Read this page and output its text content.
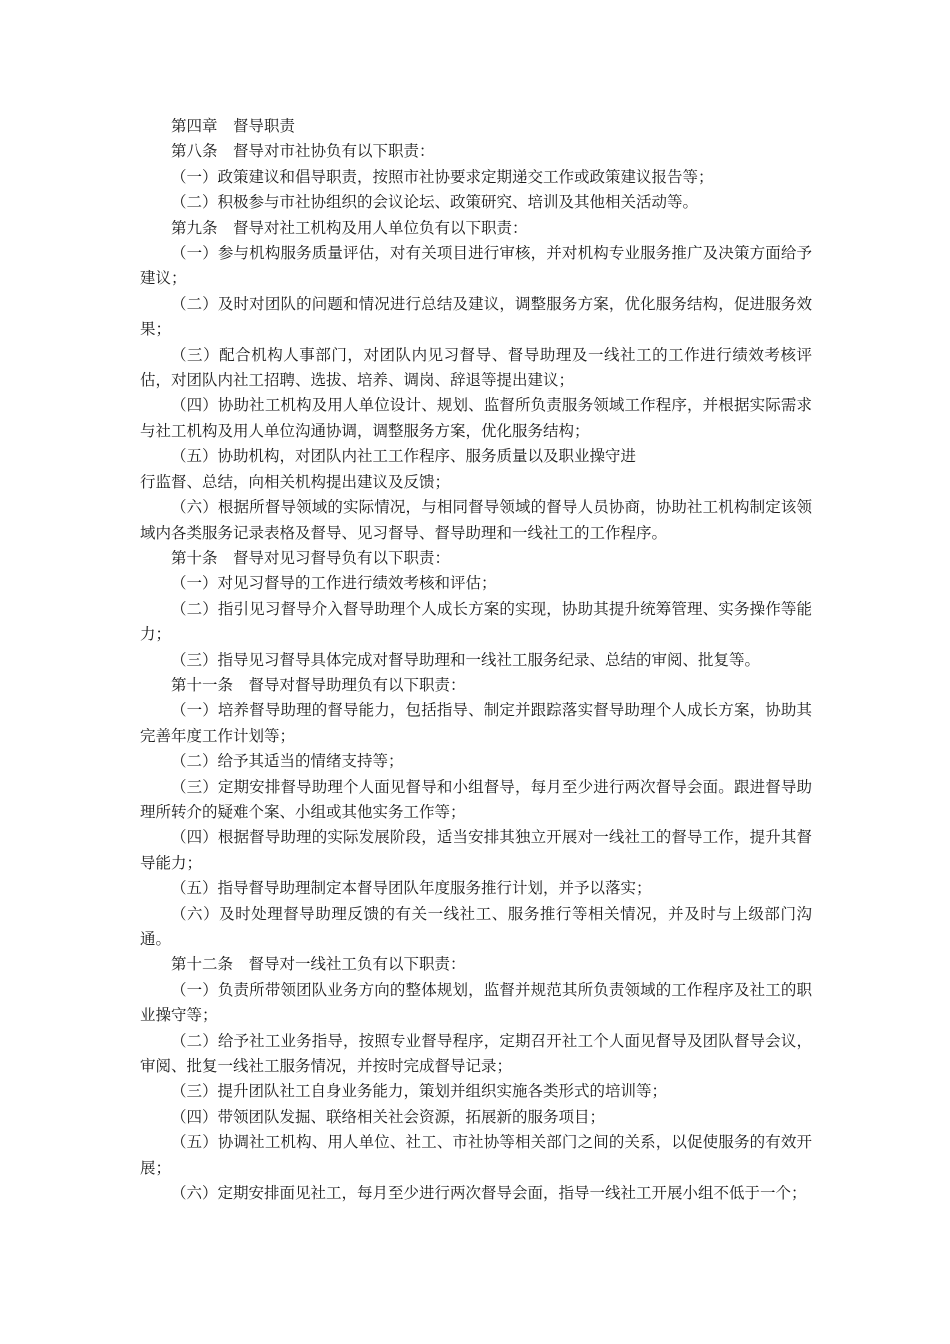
第四章　督导职责

第八条　督导对市社协负有以下职责：

（一）政策建议和倡导职责，按照市社协要求定期递交工作或政策建议报告等；

（二）积极参与市社协组织的会议论坛、政策研究、培训及其他相关活动等。

第九条　督导对社工机构及用人单位负有以下职责：

（一）参与机构服务质量评估，对有关项目进行审核，并对机构专业服务推广及决策方面给予建议；

（二）及时对团队的问题和情况进行总结及建议，调整服务方案，优化服务结构，促进服务效果；

（三）配合机构人事部门，对团队内见习督导、督导助理及一线社工的工作进行绩效考核评估，对团队内社工招聘、选拔、培养、调岗、辞退等提出建议；

（四）协助社工机构及用人单位设计、规划、监督所负责服务领域工作程序，并根据实际需求与社工机构及用人单位沟通协调，调整服务方案，优化服务结构；

（五）协助机构，对团队内社工工作程序、服务质量以及职业操守进

行监督、总结，向相关机构提出建议及反馈；

（六）根据所督导领域的实际情况，与相同督导领域的督导人员协商，协助社工机构制定该领域内各类服务记录表格及督导、见习督导、督导助理和一线社工的工作程序。

第十条　督导对见习督导负有以下职责：

（一）对见习督导的工作进行绩效考核和评估；

（二）指引见习督导介入督导助理个人成长方案的实现，协助其提升统筹管理、实务操作等能力；

（三）指导见习督导具体完成对督导助理和一线社工服务纪录、总结的审阅、批复等。

第十一条　督导对督导助理负有以下职责：

（一）培养督导助理的督导能力，包括指导、制定并跟踪落实督导助理个人成长方案，协助其完善年度工作计划等；

（二）给予其适当的情绪支持等；

（三）定期安排督导助理个人面见督导和小组督导，每月至少进行两次督导会面。跟进督导助理所转介的疑难个案、小组或其他实务工作等；

（四）根据督导助理的实际发展阶段，适当安排其独立开展对一线社工的督导工作，提升其督导能力；

（五）指导督导助理制定本督导团队年度服务推行计划，并予以落实；

（六）及时处理督导助理反馈的有关一线社工、服务推行等相关情况，并及时与上级部门沟通。

第十二条　督导对一线社工负有以下职责：

（一）负责所带领团队业务方向的整体规划，监督并规范其所负责领域的工作程序及社工的职业操守等；

（二）给予社工业务指导，按照专业督导程序，定期召开社工个人面见督导及团队督导会议，审阅、批复一线社工服务情况，并按时完成督导记录；

（三）提升团队社工自身业务能力，策划并组织实施各类形式的培训等；

（四）带领团队发掘、联络相关社会资源，拓展新的服务项目；

（五）协调社工机构、用人单位、社工、市社协等相关部门之间的关系，以促使服务的有效开展；

（六）定期安排面见社工，每月至少进行两次督导会面，指导一线社工开展小组不低于一个；
